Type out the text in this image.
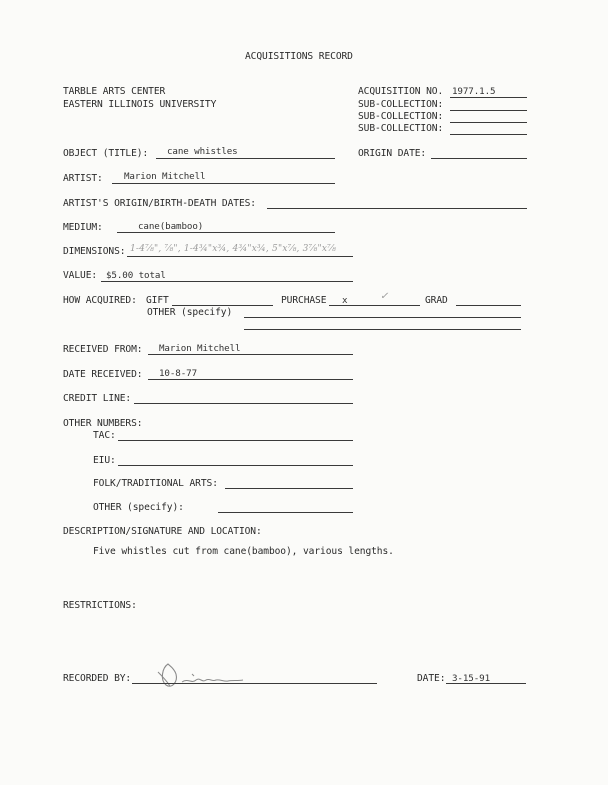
ACQUISITIONS RECORD
TARBLE ARTS CENTER
EASTERN ILLINOIS UNIVERSITY
ACQUISITION NO. 1977.1.5
SUB-COLLECTION:
SUB-COLLECTION:
SUB-COLLECTION:
OBJECT (TITLE): cane whistles	ORIGIN DATE:
ARTIST: Marion Mitchell
ARTIST'S ORIGIN/BIRTH-DEATH DATES:
MEDIUM:	cane(bamboo)
DIMENSIONS: 1-4⅞", ⅞", 1-4¾"x¾, 4¾"x¾, 5"x⅞, 3⅞"x⅞
VALUE: $5.00 total
HOW ACQUIRED: GIFT	PURCHASE x	✓	GRAD
OTHER (specify)
RECEIVED FROM: Marion Mitchell
DATE RECEIVED: 10-8-77
CREDIT LINE:
OTHER NUMBERS:
TAC:
EIU:
FOLK/TRADITIONAL ARTS:
OTHER (specify):
DESCRIPTION/SIGNATURE AND LOCATION:
Five whistles cut from cane(bamboo), various lengths.
RESTRICTIONS:
RECORDED BY:	DATE: 3-15-91
